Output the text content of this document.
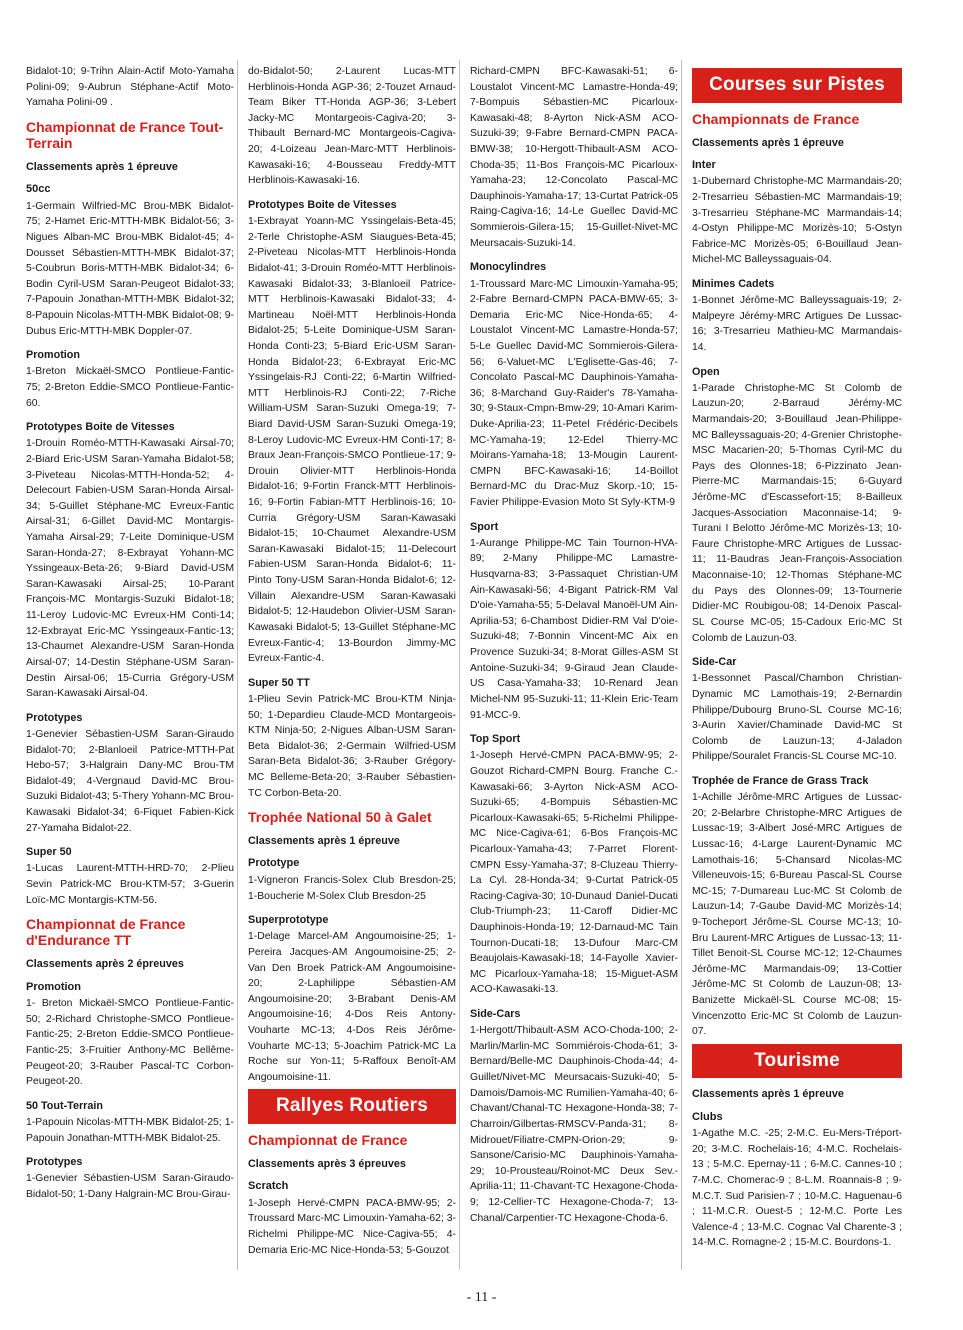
Bidalot-10; 9-Trihn Alain-Actif Moto-Yamaha Polini-09; 9-Aubrun Stéphane-Actif Moto-Yamaha Polini-09 .
Championnat de France Tout-Terrain
Classements après 1 épreuve
50cc
1-Germain Wilfried-MC Brou-MBK Bidalot-75; 2-Hamet Eric-MTTH-MBK Bidalot-56; 3-Nigues Alban-MC Brou-MBK Bidalot-45; 4-Dousset Sébastien-MTTH-MBK Bidalot-37; 5-Coubrun Boris-MTTH-MBK Bidalot-34; 6-Bodin Cyril-USM Saran-Peugeot Bidalot-33; 7-Papouin Jonathan-MTTH-MBK Bidalot-32; 8-Papouin Nicolas-MTTH-MBK Bidalot-08; 9-Dubus Eric-MTTH-MBK Doppler-07.
Promotion
1-Breton Mickaël-SMCO Pontlieue-Fantic-75; 2-Breton Eddie-SMCO Pontlieue-Fantic-60.
Prototypes Boite de Vitesses
1-Drouin Roméo-MTTH-Kawasaki Airsal-70; 2-Biard Eric-USM Saran-Yamaha Bidalot-58; 3-Piveteau Nicolas-MTTH-Honda-52; 4-Delecourt Fabien-USM Saran-Honda Airsal-34; 5-Guillet Stéphane-MC Evreux-Fantic Airsal-31; 6-Gillet David-MC Montargis-Yamaha Airsal-29; 7-Leite Dominique-USM Saran-Honda-27; 8-Exbrayat Yohann-MC Yssingeaux-Beta-26; 9-Biard David-USM Saran-Kawasaki Airsal-25; 10-Parant François-MC Montargis-Suzuki Bidalot-18; 11-Leroy Ludovic-MC Evreux-HM Conti-14; 12-Exbrayat Eric-MC Yssingeaux-Fantic-13; 13-Chaumet Alexandre-USM Saran-Honda Airsal-07; 14-Destin Stéphane-USM Saran-Destin Airsal-06; 15-Curria Grégory-USM Saran-Kawasaki Airsal-04.
Prototypes
1-Genevier Sébastien-USM Saran-Giraudo Bidalot-70; 2-Blanloeil Patrice-MTTH-Pat Hebo-57; 3-Halgrain Dany-MC Brou-TM Bidalot-49; 4-Vergnaud David-MC Brou-Suzuki Bidalot-43; 5-Thery Yohann-MC Brou-Kawasaki Bidalot-34; 6-Fiquet Fabien-Kick 27-Yamaha Bidalot-22.
Super 50
1-Lucas Laurent-MTTH-HRD-70; 2-Plieu Sevin Patrick-MC Brou-KTM-57; 3-Guerin Loïc-MC Montargis-KTM-56.
Championnat de France d'Endurance TT
Classements après 2 épreuves
Promotion
1- Breton Mickaël-SMCO Pontlieue-Fantic-50; 2-Richard Christophe-SMCO Pontlieue-Fantic-25; 2-Breton Eddie-SMCO Pontlieue-Fantic-25; 3-Fruitier Anthony-MC Bellême-Peugeot-20; 3-Rauber Pascal-TC Corbon-Peugeot-20.
50 Tout-Terrain
1-Papouin Nicolas-MTTH-MBK Bidalot-25; 1-Papouin Jonathan-MTTH-MBK Bidalot-25.
Prototypes
1-Genevier Sébastien-USM Saran-Giraudo-Bidalot-50; 1-Dany Halgrain-MC Brou-Girau-
do-Bidalot-50; 2-Laurent Lucas-MTT Herblinois-Honda AGP-36; 2-Touzet Arnaud-Team Biker TT-Honda AGP-36; 3-Lebert Jacky-MC Montargeois-Cagiva-20; 3-Thibault Bernard-MC Montargeois-Cagiva-20; 4-Loizeau Jean-Marc-MTT Herblinois-Kawasaki-16; 4-Bousseau Freddy-MTT Herblinois-Kawasaki-16.
Prototypes Boite de Vitesses
1-Exbrayat Yoann-MC Yssingelais-Beta-45; 2-Terle Christophe-ASM Siaugues-Beta-45; 2-Piveteau Nicolas-MTT Herblinois-Honda Bidalot-41; 3-Drouin Roméo-MTT Herblinois-Kawasaki Bidalot-33; 3-Blanloeil Patrice-MTT Herblinois-Kawasaki Bidalot-33; 4-Martineau Noël-MTT Herblinois-Honda Bidalot-25; 5-Leite Dominique-USM Saran-Honda Conti-23; 5-Biard Eric-USM Saran-Honda Bidalot-23; 6-Exbrayat Eric-MC Yssingelais-RJ Conti-22; 6-Martin Wilfried-MTT Herblinois-RJ Conti-22; 7-Riche William-USM Saran-Suzuki Omega-19; 7-Biard David-USM Saran-Suzuki Omega-19; 8-Leroy Ludovic-MC Evreux-HM Conti-17; 8-Braux Jean-François-SMCO Pontlieue-17; 9-Drouin Olivier-MTT Herblinois-Honda Bidalot-16; 9-Fortin Franck-MTT Herblinois-16; 9-Fortin Fabian-MTT Herblinois-16; 10-Curria Grégory-USM Saran-Kawasaki Bidalot-15; 10-Chaumet Alexandre-USM Saran-Kawasaki Bidalot-15; 11-Delecourt Fabien-USM Saran-Honda Bidalot-6; 11-Pinto Tony-USM Saran-Honda Bidalot-6; 12-Villain Alexandre-USM Saran-Kawasaki Bidalot-5; 12-Haudebon Olivier-USM Saran-Kawasaki Bidalot-5; 13-Guillet Stéphane-MC Evreux-Fantic-4; 13-Bourdon Jimmy-MC Evreux-Fantic-4.
Super 50 TT
1-Plieu Sevin Patrick-MC Brou-KTM Ninja-50; 1-Depardieu Claude-MCD Montargeois-KTM Ninja-50; 2-Nigues Alban-USM Saran-Beta Bidalot-36; 2-Germain Wilfried-USM Saran-Beta Bidalot-36; 3-Rauber Grégory-MC Belleme-Beta-20; 3-Rauber Sébastien-TC Corbon-Beta-20.
Trophée National 50 à Galet
Classements après 1 épreuve
Prototype
1-Vigneron Francis-Solex Club Bresdon-25; 1-Boucherie M-Solex Club Bresdon-25
Superprototype
1-Delage Marcel-AM Angoumoisine-25; 1-Pereira Jacques-AM Angoumoisine-25; 2-Van Den Broek Patrick-AM Angoumoisine-20; 2-Laphilippe Sébastien-AM Angoumoisine-20; 3-Brabant Denis-AM Angoumoisine-16; 4-Dos Reis Antony-Vouharte MC-13; 4-Dos Reis Jérôme-Vouharte MC-13; 5-Joachim Patrick-MC La Roche sur Yon-11; 5-Raffoux Benoît-AM Angoumoisine-11.
Rallyes Routiers
Championnat de France
Classements après 3 épreuves
Scratch
1-Joseph Hervé-CMPN PACA-BMW-95; 2-Troussard Marc-MC Limouxin-Yamaha-62; 3-Richelmi Philippe-MC Nice-Cagiva-55; 4-Demaria Eric-MC Nice-Honda-53; 5-Gouzot
Richard-CMPN BFC-Kawasaki-51; 6-Loustalot Vincent-MC Lamastre-Honda-49; 7-Bompuis Sébastien-MC Picarloux-Kawasaki-48; 8-Ayrton Nick-ASM ACO-Suzuki-39; 9-Fabre Bernard-CMPN PACA-BMW-38; 10-Hergott-Thibault-ASM ACO-Choda-35; 11-Bos François-MC Picarloux-Yamaha-23; 12-Concolato Pascal-MC Dauphinois-Yamaha-17; 13-Curtat Patrick-05 Raing-Cagiva-16; 14-Le Guellec David-MC Sommierois-Gilera-15; 15-Guillet-Nivet-MC Meursacais-Suzuki-14.
Monocylindres
1-Troussard Marc-MC Limouxin-Yamaha-95; 2-Fabre Bernard-CMPN PACA-BMW-65; 3-Demaria Eric-MC Nice-Honda-65; 4-Loustalot Vincent-MC Lamastre-Honda-57; 5-Le Guellec David-MC Sommierois-Gilera-56; 6-Valuet-MC L'Eglisette-Gas-46; 7-Concolato Pascal-MC Dauphinois-Yamaha-36; 8-Marchand Guy-Raider's 78-Yamaha-30; 9-Staux-Cmpn-Bmw-29; 10-Amari Karim-Duke-Aprilia-23; 11-Petel Frédéric-Decibels MC-Yamaha-19; 12-Edel Thierry-MC Moirans-Yamaha-18; 13-Mougin Laurent-CMPN BFC-Kawasaki-16; 14-Boillot Bernard-MC du Drac-Muz Skorp.-10; 15-Favier Philippe-Evasion Moto St Syly-KTM-9
Sport
1-Aurange Philippe-MC Tain Tournon-HVA-89; 2-Many Philippe-MC Lamastre-Husqvarna-83; 3-Passaquet Christian-UM Ain-Kawasaki-56; 4-Bigant Patrick-RM Val D'oie-Yamaha-55; 5-Delaval Manoël-UM Ain-Aprilia-53; 6-Chambost Didier-RM Val D'oie-Suzuki-48; 7-Bonnin Vincent-MC Aix en Provence Suzuki-34; 8-Morat Gilles-ASM St Antoine-Suzuki-34; 9-Giraud Jean Claude-US Casa-Yamaha-33; 10-Renard Jean Michel-NM 95-Suzuki-11; 11-Klein Eric-Team 91-MCC-9.
Top Sport
1-Joseph Hervé-CMPN PACA-BMW-95; 2-Gouzot Richard-CMPN Bourg. Franche C.-Kawasaki-66; 3-Ayrton Nick-ASM ACO-Suzuki-65; 4-Bompuis Sébastien-MC Picarloux-Kawasaki-65; 5-Richelmi Philippe-MC Nice-Cagiva-61; 6-Bos François-MC Picarloux-Yamaha-43; 7-Parret Florent-CMPN Essy-Yamaha-37; 8-Cluzeau Thierry-La Cyl. 28-Honda-34; 9-Curtat Patrick-05 Racing-Cagiva-30; 10-Dunaud Daniel-Ducati Club-Triumph-23; 11-Caroff Didier-MC Dauphinois-Honda-19; 12-Darnaud-MC Tain Tournon-Ducati-18; 13-Dufour Marc-CM Beaujolais-Kawasaki-18; 14-Fayolle Xavier-MC Picarloux-Yamaha-18; 15-Miguet-ASM ACO-Kawasaki-13.
Side-Cars
1-Hergott/Thibault-ASM ACO-Choda-100; 2-Marlin/Marlin-MC Sommiérois-Choda-61; 3-Bernard/Belle-MC Dauphinois-Choda-44; 4-Guillet/Nivet-MC Meursacais-Suzuki-40; 5-Damois/Damois-MC Rumilien-Yamaha-40; 6-Chavant/Chanal-TC Hexagone-Honda-38; 7-Charroin/Gilbertas-RMSCV-Panda-31; 8-Midrouet/Filiatre-CMPN-Orion-29; 9-Sansone/Carisio-MC Dauphinois-Yamaha-29; 10-Prousteau/Roinot-MC Deux Sev.-Aprilia-11; 11-Chavant-TC Hexagone-Choda-9; 12-Cellier-TC Hexagone-Choda-7; 13-Chanal/Carpentier-TC Hexagone-Choda-6.
Courses sur Pistes
Championnats de France
Classements après 1 épreuve
Inter
1-Dubernard Christophe-MC Marmandais-20; 2-Tresarrieu Sébastien-MC Marmandais-19; 3-Tresarrieu Stéphane-MC Marmandais-14; 4-Ostyn Philippe-MC Morizès-10; 5-Ostyn Fabrice-MC Morizès-05; 6-Bouillaud Jean-Michel-MC Balleyssaguais-04.
Minimes Cadets
1-Bonnet Jérôme-MC Balleyssaguais-19; 2-Malpeyre Jérémy-MRC Artigues De Lussac-16; 3-Tresarrieu Mathieu-MC Marmandais-14.
Open
1-Parade Christophe-MC St Colomb de Lauzun-20; 2-Barraud Jérémy-MC Marmandais-20; 3-Bouillaud Jean-Philippe-MC Balleyssaguais-20; 4-Grenier Christophe-MSC Macarien-20; 5-Thomas Cyril-MC du Pays des Olonnes-18; 6-Pizzinato Jean-Pierre-MC Marmandais-15; 6-Guyard Jérôme-MC d'Escassefort-15; 8-Bailleux Jacques-Association Maconnaise-14; 9-Turani I Belotto Jérôme-MC Morizès-13; 10-Faure Christophe-MRC Artigues de Lussac-11; 11-Baudras Jean-François-Association Maconnaise-10; 12-Thomas Stéphane-MC du Pays des Olonnes-09; 13-Tournerie Didier-MC Roubigou-08; 14-Denoix Pascal-SL Course MC-05; 15-Cadoux Eric-MC St Colomb de Lauzun-03.
Side-Car
1-Bessonnet Pascal/Chambon Christian-Dynamic MC Lamothais-19; 2-Bernardin Philippe/Dubourg Bruno-SL Course MC-16; 3-Aurin Xavier/Chaminade David-MC St Colomb de Lauzun-13; 4-Jaladon Philippe/Souralet Francis-SL Course MC-10.
Trophée de France de Grass Track
1-Achille Jérôme-MRC Artigues de Lussac-20; 2-Belarbre Christophe-MRC Artigues de Lussac-19; 3-Albert José-MRC Artigues de Lussac-16; 4-Large Laurent-Dynamic MC Lamothais-16; 5-Chansard Nicolas-MC Villeneuvois-15; 6-Bureau Pascal-SL Course MC-15; 7-Dumareau Luc-MC St Colomb de Lauzun-14; 7-Gaube David-MC Morizès-14; 9-Tocheport Jérôme-SL Course MC-13; 10-Bru Laurent-MRC Artigues de Lussac-13; 11-Tillet Benoit-SL Course MC-12; 12-Chaumes Jérôme-MC Marmandais-09; 13-Cottier Jérôme-MC St Colomb de Lauzun-08; 13-Banizette Mickaël-SL Course MC-08; 15-Vincenzotto Eric-MC St Colomb de Lauzun-07.
Tourisme
Classements après 1 épreuve
Clubs
1-Agathe M.C. -25; 2-M.C. Eu-Mers-Tréport-20; 3-M.C. Rochelais-16; 4-M.C. Rochelais-13 ; 5-M.C. Epernay-11 ; 6-M.C. Cannes-10 ; 7-M.C. Chomerac-9 ; 8-L.M. Roannais-8 ; 9-M.C.T. Sud Parisien-7 ; 10-M.C. Haguenau-6 ; 11-M.C.R. Ouest-5 ; 12-M.C. Porte Les Valence-4 ; 13-M.C. Cognac Val Charente-3 ; 14-M.C. Romagne-2 ; 15-M.C. Bourdons-1.
- 11 -
